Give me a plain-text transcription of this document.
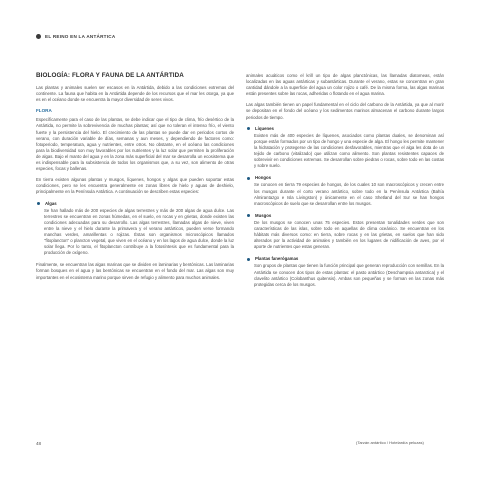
EL REINO EN LA ANTÁRTICA
BIOLOGÍA: FLORA Y FAUNA DE LA ANTÁRTIDA

Las plantas y animales suelen ser escasos en la Antártida, debido a las condiciones extremas del continente. La fauna que habita en la Antártida depende de los recursos que el mar les otorga, ya que es en el océano donde se encuentra la mayor diversidad de seres vivos.

FLORA

Específicamente para el caso de las plantas, se debe indicar que el tipo de clima, frío desértico de la Antártida, no permite la sobrevivencia de muchas plantas; así que no toleran el intenso frío, el viento fuerte y la persistencia del hielo. El crecimiento de las plantas se puede dar en periodos cortos de verano, con duración variable de días, semanas y aun meses, y dependiendo de factores como: fotoperiodo, temperatura, agua y nutrientes, entre otros. No obstante, en el océano las condiciones para la biodiversidad son muy favorables por los nutrientes y la luz solar que permiten la proliferación de algas. Bajo el manto del agua y en la zona más superficial del mar se desarrolla un ecosistema que es indispensable para la subsistencia de todos los organismos que, a su vez, son alimento de otras especies, focas y ballenas.

En tierra existen algunas plantas y musgos, líquenes, hongos y algas que pueden soportar estas condiciones, pero se les encuentra generalmente en zonas libres de hielo y aguas de deshielo, principalmente en la Península Antártica. A continuación se describen estas especies:

Algas

Se han hallado más de 200 especies de algas terrestres y más de 200 algas de agua dulce. Las terrestres se encuentran en zonas húmedas, en el suelo, en rocas y en grietas, donde existen las condiciones adecuadas para su desarrollo. Las algas terrestres, llamadas algas de nieve, viven entre la nieve y el hielo durante la primavera y el verano antárticos, pueden verse formando manchas verdes, amarillentas o rojizas. Éstas son organismos microscópicos llamados "fitoplancton" o plancton vegetal, que viven en el océano y en los lagos de agua dulce, donde la luz solar llega. Por lo tanto, el fitoplancton contribuye a la fotosíntesis que es fundamental para la producción de oxígeno.

Finalmente, se encuentran las algas marinas que se dividen en laminarias y bentónicas. Las laminarias forman bosques en el agua y las bentónicas se encuentran en el fondo del mar. Las algas son muy importantes en el ecosistema marino porque sirven de refugio y alimento para muchos animales.

animales acuáticos como el krill un tipo de algas planctónicas, las llamadas diatomeas, están localizadas en las aguas antárticas y subantárticas. Durante el verano, estas se concentran en gran cantidad dándole a la superficie del agua un color rojizo o café. De la misma forma, las algas marinas están presentes sobre las rocas, adheridas o flotando en el agua marina.

Las algas también tienen un papel fundamental en el ciclo del carbono de la Antártida, ya que al morir se depositan en el fondo del océano y los sedimentos marinos almacenan el carbono durante largos periodos de tiempo.

Líquenes

Existen más de 400 especies de líquenes, asociados como plantas duales, se denominan así porque están formados por un tipo de hongo y una especie de alga. El hongo les permite mantener la hidratación y protegerse de las condiciones desfavorables, mientras que el alga les dota de un tejido de carbono (vitalizado) que utilizan como alimento. Son plantas resistentes capaces de sobrevivir en condiciones extremas. Se desarrollan sobre piedras o rocas, sobre todo en las costas y sobre suelo.

Hongos

Se conocen en tierra 79 especies de hongos, de los cuales 10 son macroscópicos y crecen entre los musgos durante el corto verano antártico, sobre todo en la Península Antártica (Bahía Almirantazgo e Isla Livingston) y únicamente en el caso Shetland del Sur se han hongos macroscópicos de suelo que se desarrollan entre los musgos.

Musgos

De los musgos se conocen unas 75 especies. Estos presentan tonalidades verdes que son características de las islas, sobre todo en aquellas de clima oceánico. Se encuentran en los hábitats más diversos como: en tierra, sobre rocas y en las grietas, en suelos que han sido alterados por la actividad de animales y también en los lugares de nidificación de aves, por el aporte de nutrientes que estas generan.

Plantas fanerógamas

Son grupos de plantas que tienen la función principal que generan reproducción con semillas. En la Antártida se conocen dos tipos de estas plantas: el pasto antártico (Deschampsia antarctica) y el clavelito antártico (Colobanthus quitensis). Ambas son pequeñas y se forman en las zonas más protegidas cerca de los musgos.

(Tarzán antártico / Hotelardía peluzas)
48
